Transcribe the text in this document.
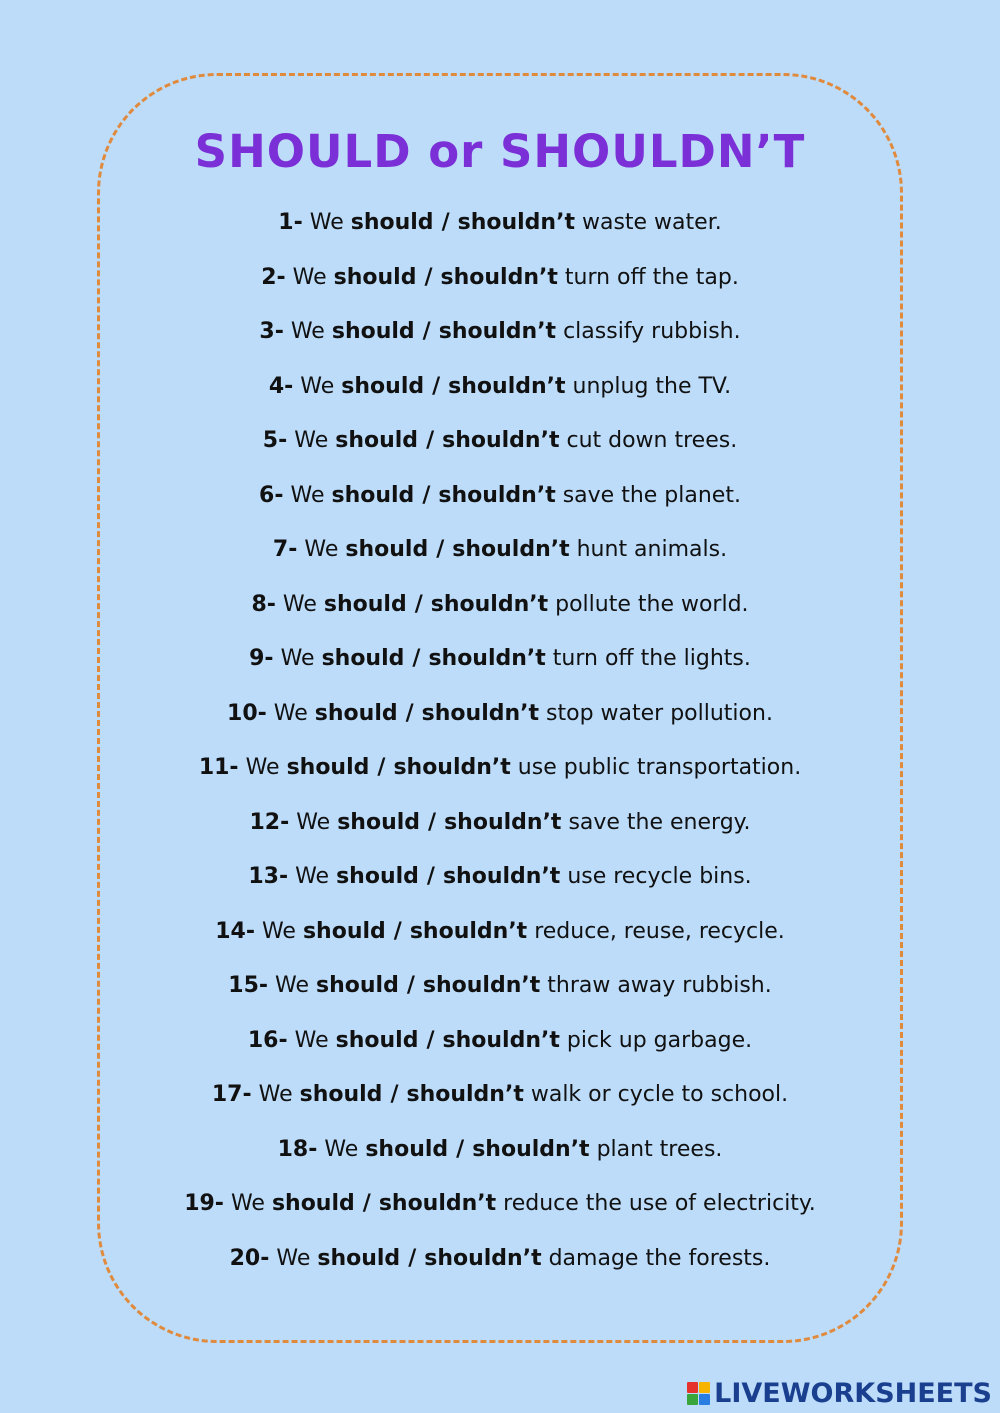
SHOULD or SHOULDN’T
1- We should / shouldn’t waste water.
2- We should / shouldn’t turn off the tap.
3- We should / shouldn’t classify rubbish.
4- We should / shouldn’t unplug the TV.
5- We should / shouldn’t cut down trees.
6- We should / shouldn’t save the planet.
7- We should / shouldn’t hunt animals.
8- We should / shouldn’t pollute the world.
9- We should / shouldn’t turn off the lights.
10- We should / shouldn’t stop water pollution.
11- We should / shouldn’t use public transportation.
12- We should / shouldn’t save the energy.
13- We should / shouldn’t use recycle bins.
14- We should / shouldn’t reduce, reuse, recycle.
15- We should / shouldn’t thraw away rubbish.
16- We should / shouldn’t pick up garbage.
17- We should / shouldn’t walk or cycle to school.
18- We should / shouldn’t plant trees.
19- We should / shouldn’t reduce the use of electricity.
20- We should / shouldn’t damage the forests.
LIVEWORKSHEETS
